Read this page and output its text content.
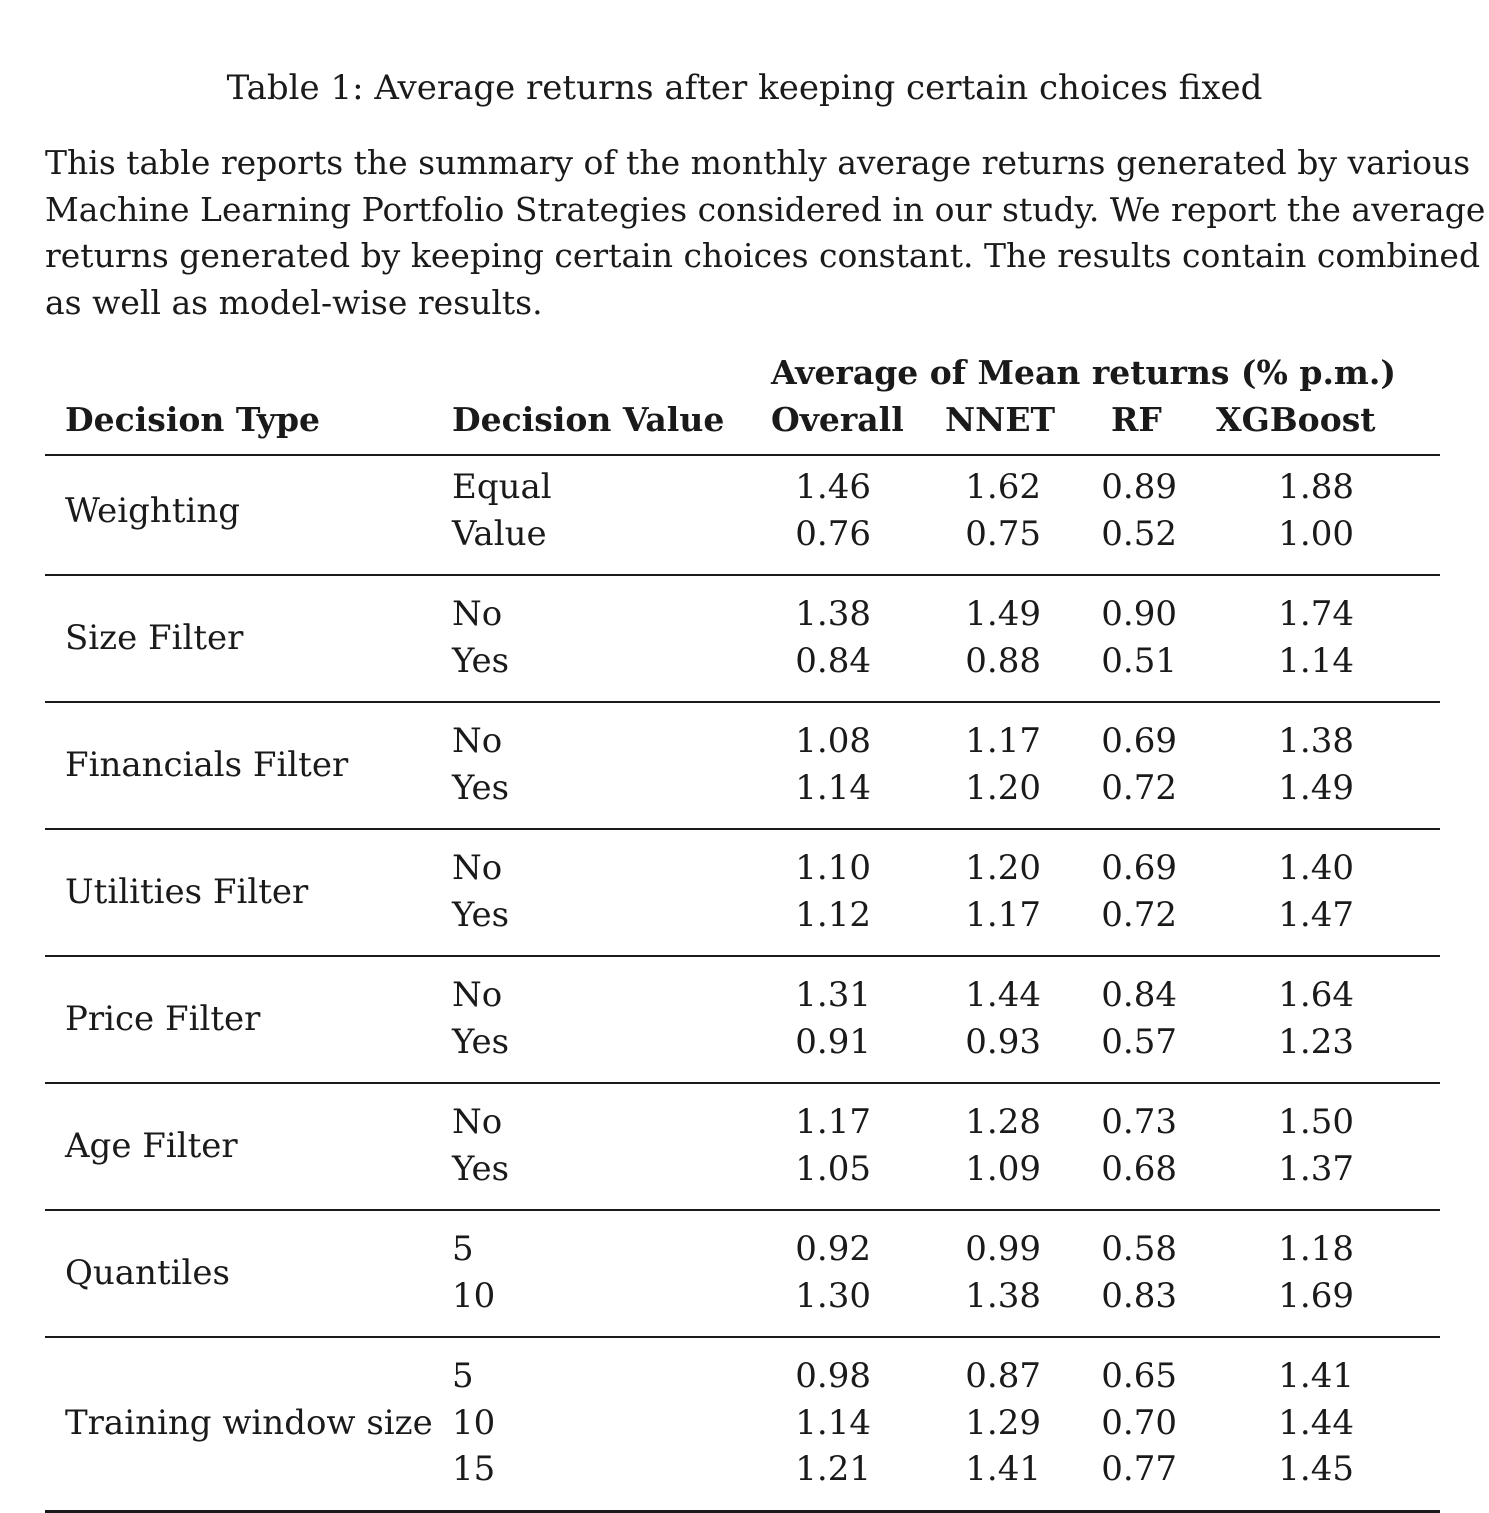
Table 1: Average returns after keeping certain choices fixed
This table reports the summary of the monthly average returns generated by various
Machine Learning Portfolio Strategies considered in our study. We report the average
returns generated by keeping certain choices constant. The results contain combined
as well as model-wise results.
Average of Mean returns (% p.m.)
Decision Type	Decision Value Overall NNET RF XGBoost
Weighting
Equal	1.46	1.62 0.89	1.88
Value	0.76	0.75 0.52	1.00
Size Filter
No	1.38	1.49 0.90	1.74
Yes	0.84	0.88 0.51	1.14
Financials Filter
No	1.08	1.17 0.69	1.38
Yes	1.14	1.20 0.72	1.49
Utilities Filter
No	1.10	1.20 0.69	1.40
Yes	1.12	1.17 0.72	1.47
Price Filter
No	1.31	1.44 0.84	1.64
Yes	0.91	0.93 0.57	1.23
Age Filter
No	1.17	1.28 0.73	1.50
Yes	1.05	1.09 0.68	1.37
Quantiles
5	0.92	0.99 0.58	1.18
10	1.30	1.38 0.83	1.69
Training window size
5	0.98	0.87 0.65	1.41
10	1.14	1.29 0.70	1.44
15	1.21	1.41 0.77	1.45
